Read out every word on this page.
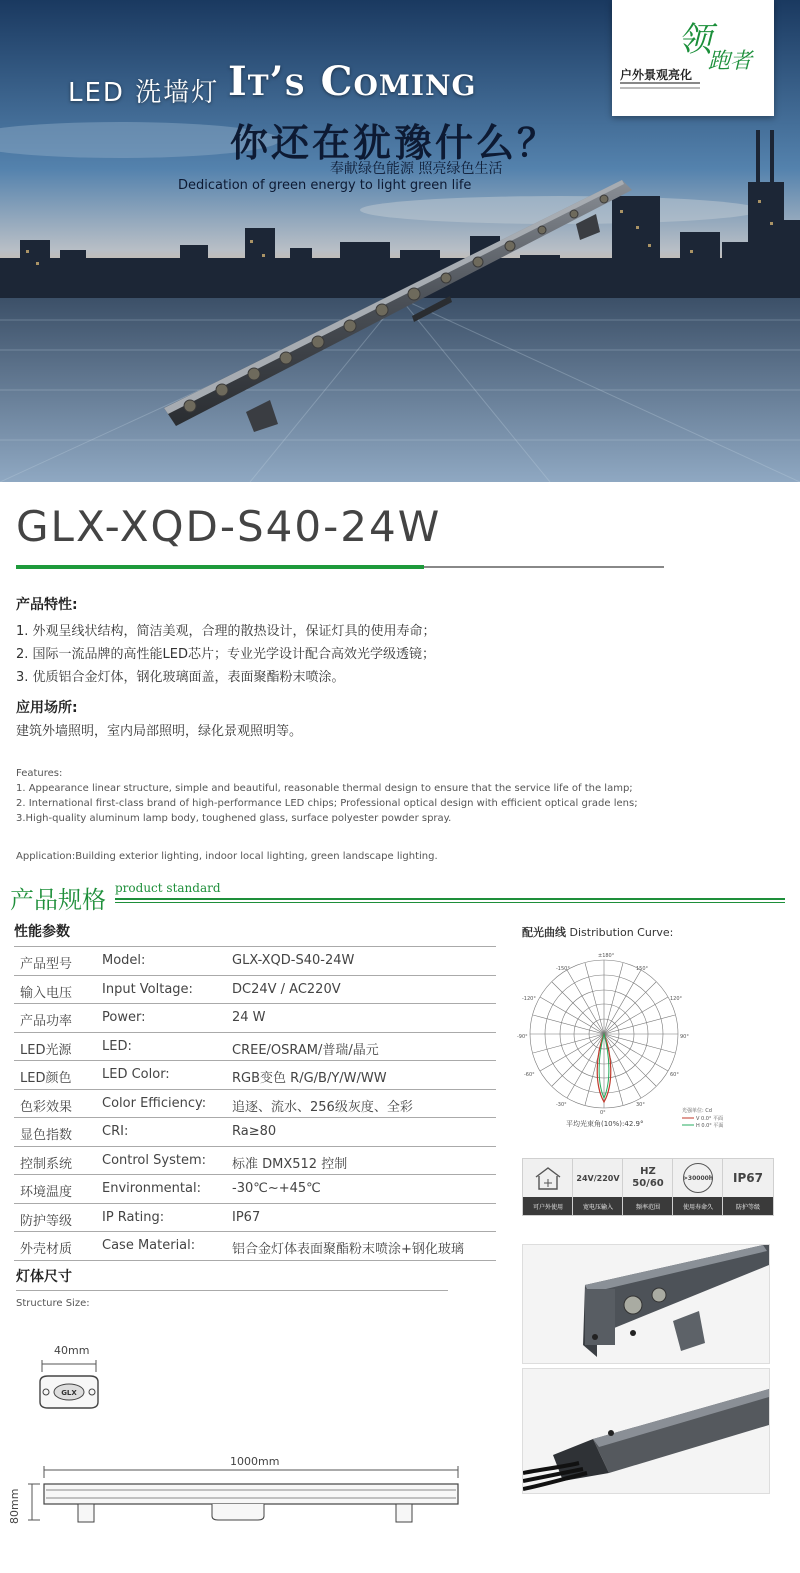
领
跑者
户外景观亮化
LED 洗墙灯 It’s Coming
你还在犹豫什么？
奉献绿色能源 照亮绿色生活
Dedication of green energy to light green life
GLX-XQD-S40-24W
产品特性:
1. 外观呈线状结构，简洁美观，合理的散热设计，保证灯具的使用寿命；
2. 国际一流品牌的高性能LED芯片；专业光学设计配合高效光学级透镜；
3. 优质铝合金灯体，钢化玻璃面盖，表面聚酯粉末喷涂。
应用场所:
建筑外墙照明，室内局部照明，绿化景观照明等。
Features:
1. Appearance linear structure, simple and beautiful, reasonable thermal design to ensure that the service life of the lamp;
2. International first-class brand of high-performance LED chips; Professional optical design with efficient optical grade lens;
3.High-quality aluminum lamp body, toughened glass, surface polyester powder spray.
Application:Building exterior lighting, indoor local lighting, green landscape lighting.
产品规格 product standard
性能参数
产品型号 Model:	GLX-XQD-S40-24W
输入电压 Input Voltage:	DC24V / AC220V
产品功率 Power:	24 W
LED光源 LED:	CREE/OSRAM/普瑞/晶元
LED颜色 LED Color:	RGB变色 R/G/B/Y/W/WW
色彩效果 Color Efficiency: 追逐、流水、256级灰度、全彩
显色指数 CRI:	Ra≥80
控制系统 Control System: 标准 DMX512 控制
环境温度 Environmental: -30℃~+45℃
防护等级 IP Rating:	IP67
外壳材质 Case Material:	铝合金灯体表面聚酯粉末喷涂+钢化玻璃
配光曲线 Distribution Curve:
±180°
-150°	150°
-120°	120°
-90°	90°
-60°	60°
-30°	30°
0°
平均光束角(10%):42.9°
光强单位: Cd
V 0.0° 平面
H 0.0° 平面
可户外使用
24V/220V
宽电压输入
HZ
50/60
频率范围
>30000h
使用寿命久
IP67
防护等级
灯体尺寸
Structure Size:
40mm
GLX
1000mm
80mm
